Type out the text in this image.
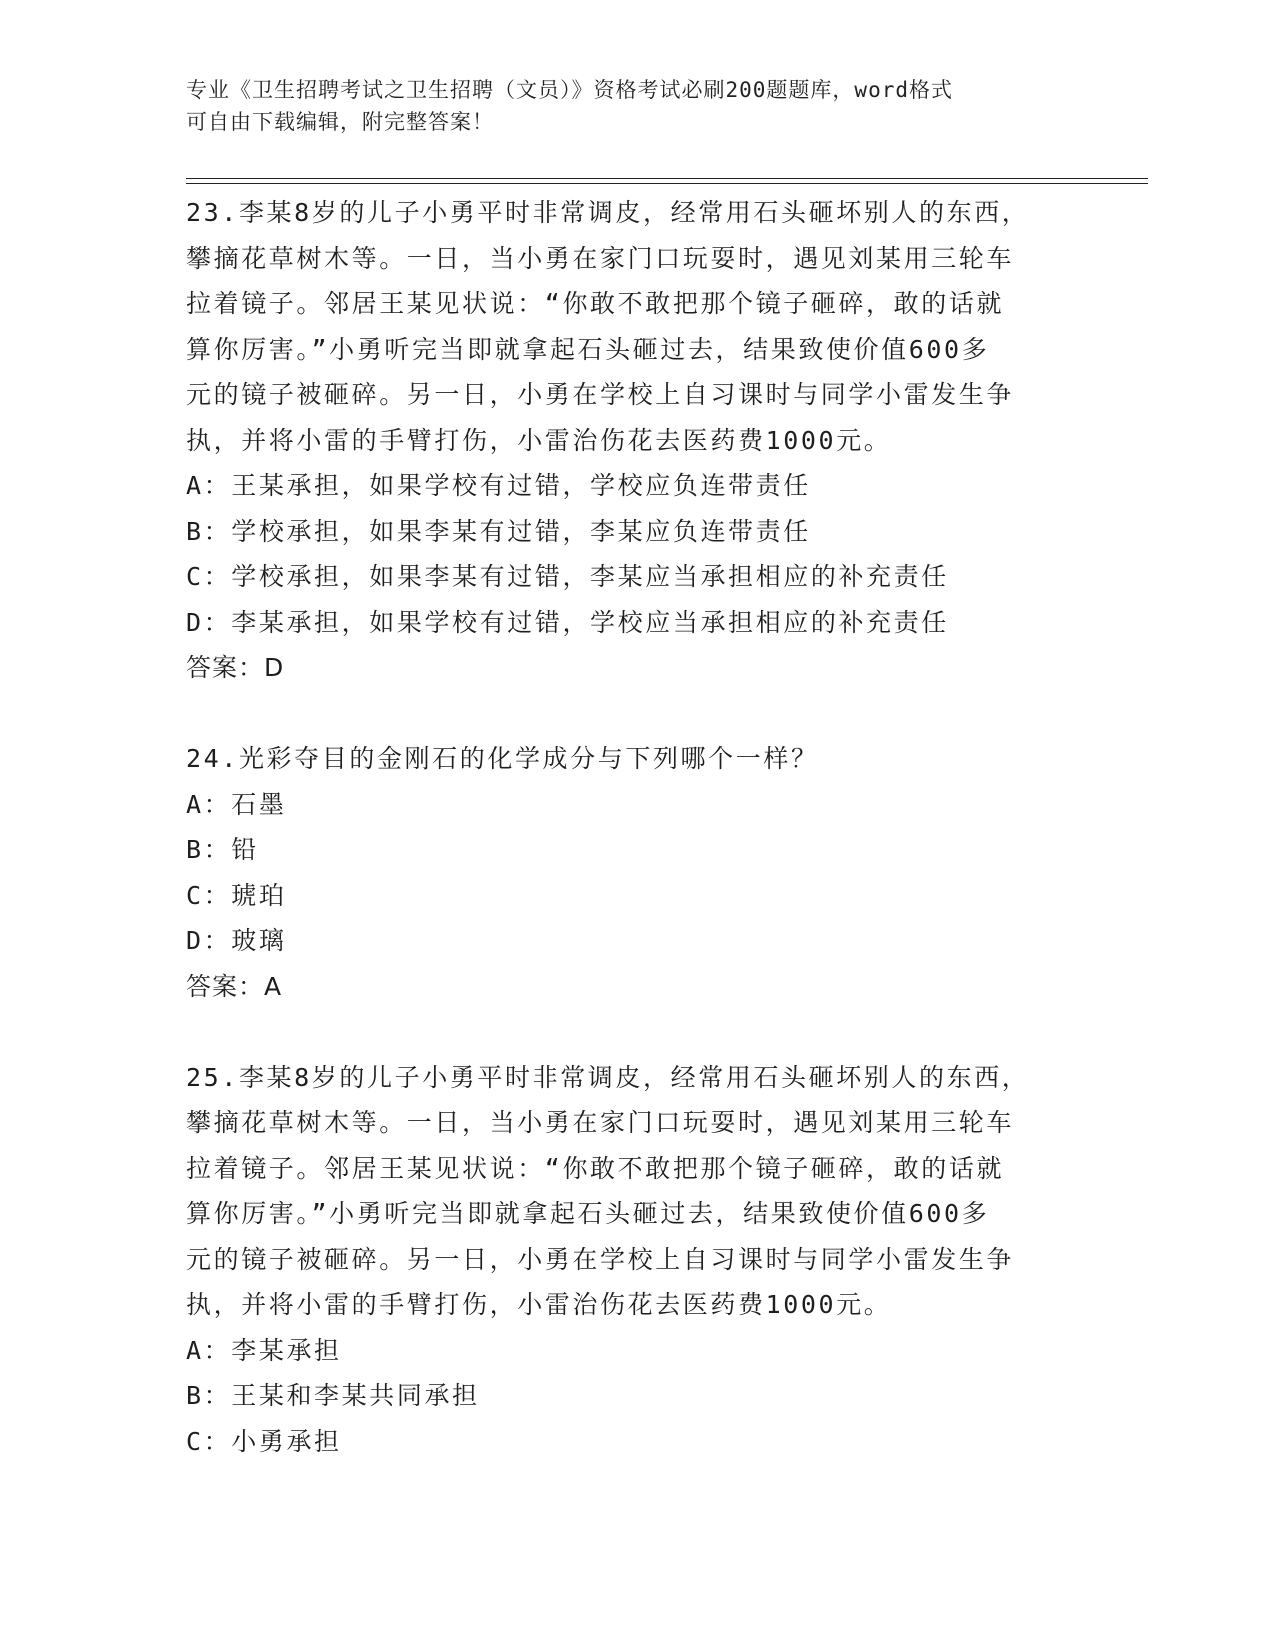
专业《卫生招聘考试之卫生招聘（文员）》资格考试必刷200题题库，word格式
可自由下载编辑，附完整答案！
23.李某8岁的儿子小勇平时非常调皮，经常用石头砸坏别人的东西，
攀摘花草树木等。一日，当小勇在家门口玩耍时，遇见刘某用三轮车
拉着镜子。邻居王某见状说：“你敢不敢把那个镜子砸碎，敢的话就
算你厉害。”小勇听完当即就拿起石头砸过去，结果致使价值600多
元的镜子被砸碎。另一日，小勇在学校上自习课时与同学小雷发生争
执，并将小雷的手臂打伤，小雷治伤花去医药费1000元。
A：王某承担，如果学校有过错，学校应负连带责任
B：学校承担，如果李某有过错，李某应负连带责任
C：学校承担，如果李某有过错，李某应当承担相应的补充责任
D：李某承担，如果学校有过错，学校应当承担相应的补充责任
答案：D
24.光彩夺目的金刚石的化学成分与下列哪个一样？
A：石墨
B：铅
C：琥珀
D：玻璃
答案：A
25.李某8岁的儿子小勇平时非常调皮，经常用石头砸坏别人的东西，
攀摘花草树木等。一日，当小勇在家门口玩耍时，遇见刘某用三轮车
拉着镜子。邻居王某见状说：“你敢不敢把那个镜子砸碎，敢的话就
算你厉害。”小勇听完当即就拿起石头砸过去，结果致使价值600多
元的镜子被砸碎。另一日，小勇在学校上自习课时与同学小雷发生争
执，并将小雷的手臂打伤，小雷治伤花去医药费1000元。
A：李某承担
B：王某和李某共同承担
C：小勇承担
